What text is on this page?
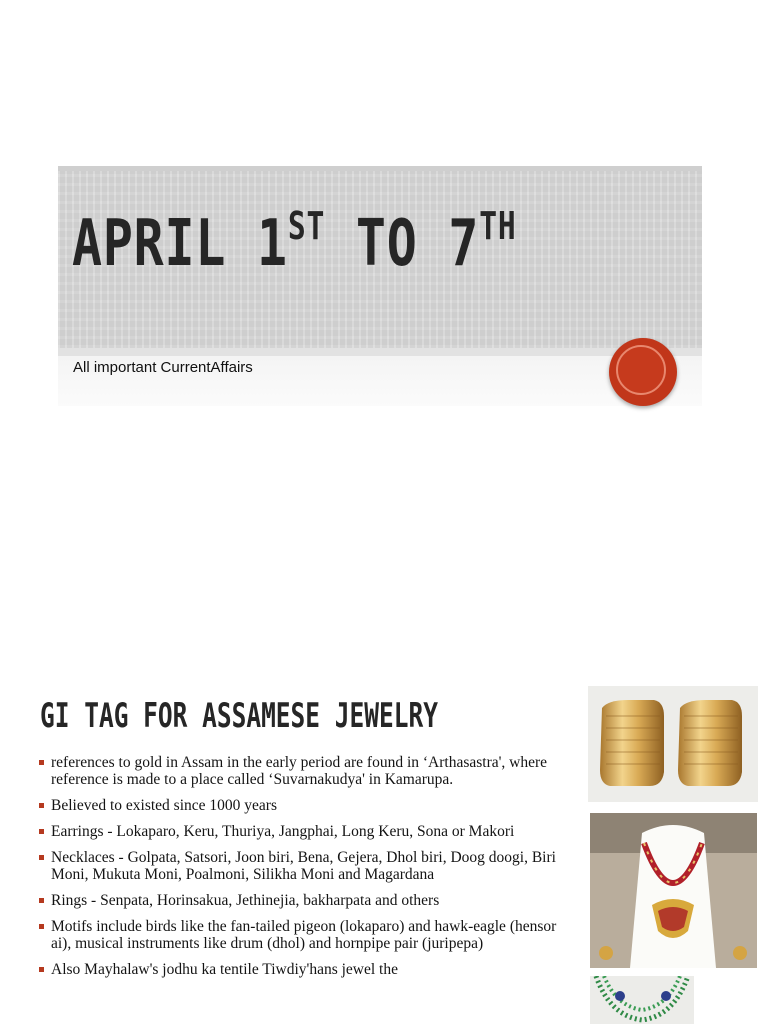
APRIL 1ST TO 7TH
All important CurrentAffairs
GI TAG FOR ASSAMESE JEWELRY
references to gold in Assam in the early period are found in ‘Arthasastra', where reference is made to a place called ‘Suvarnakudya' in Kamarupa.
Believed to existed since 1000 years
Earrings - Lokaparo, Keru, Thuriya, Jangphai, Long Keru, Sona or Makori
Necklaces - Golpata, Satsori, Joon biri, Bena, Gejera, Dhol biri, Doog doogi, Biri Moni, Mukuta Moni, Poalmoni, Silikha Moni and Magardana
Rings - Senpata, Horinsakua, Jethinejia, bakharpata and others
Motifs include birds like the fan-tailed pigeon (lokaparo) and hawk-eagle (hensor ai), musical instruments like drum (dhol) and hornpipe pair (juripepa)
Also Mayhalaw's jodhu ka tentile Tiwdiy'hans jewel the
